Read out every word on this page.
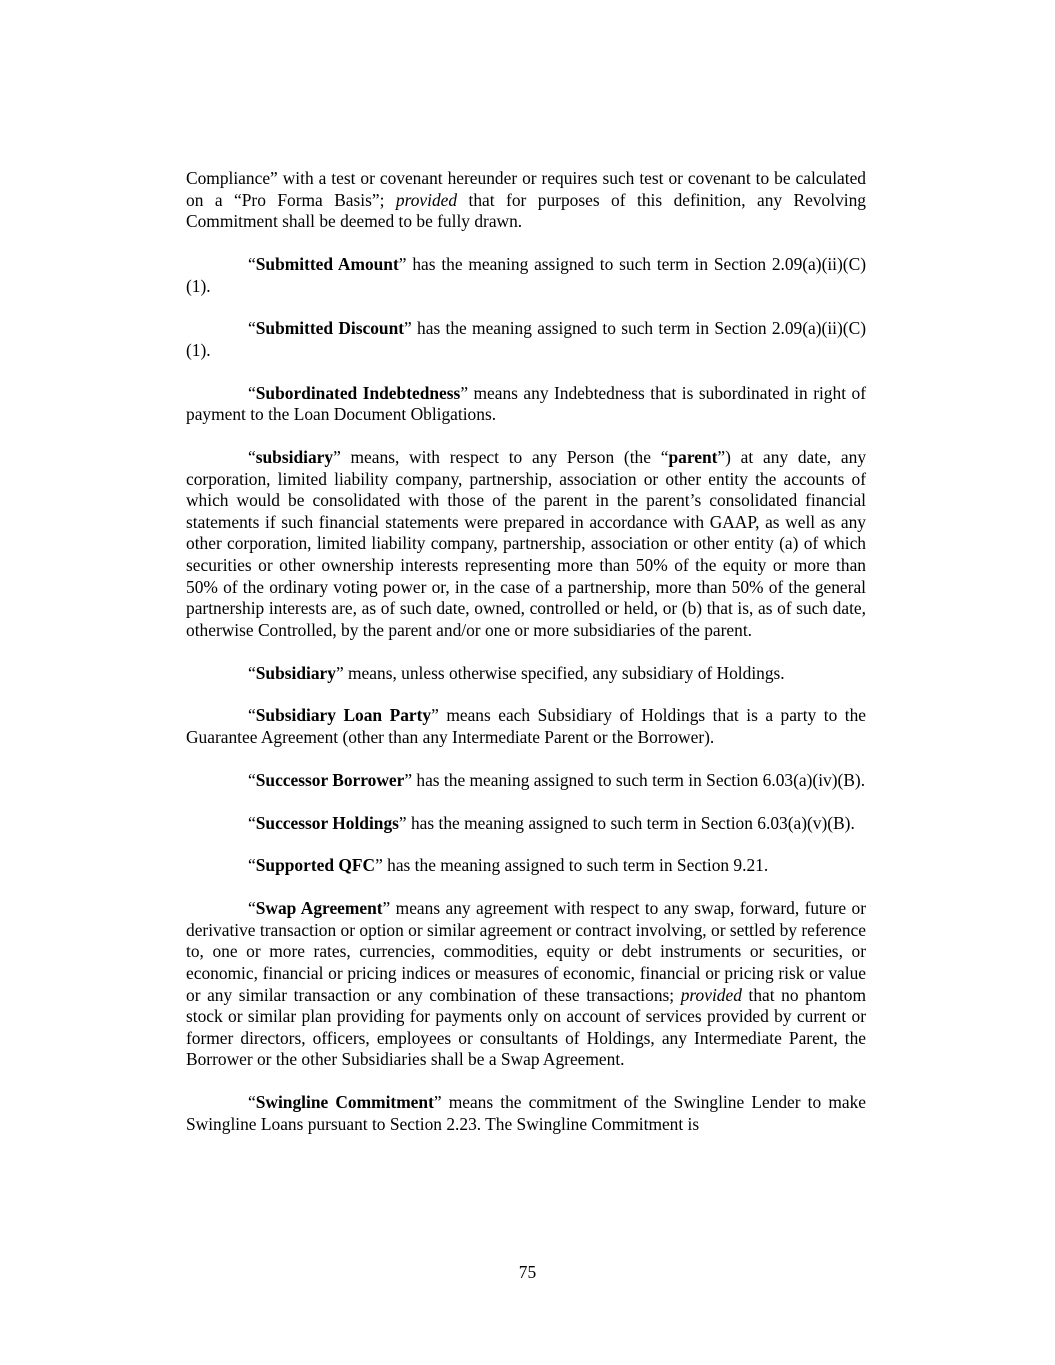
Compliance” with a test or covenant hereunder or requires such test or covenant to be calculated on a “Pro Forma Basis”; provided that for purposes of this definition, any Revolving Commitment shall be deemed to be fully drawn.

“Submitted Amount” has the meaning assigned to such term in Section 2.09(a)(ii)(C)(1).

“Submitted Discount” has the meaning assigned to such term in Section 2.09(a)(ii)(C)(1).

“Subordinated Indebtedness” means any Indebtedness that is subordinated in right of payment to the Loan Document Obligations.

“subsidiary” means, with respect to any Person (the “parent”) at any date, any corporation, limited liability company, partnership, association or other entity the accounts of which would be consolidated with those of the parent in the parent’s consolidated financial statements if such financial statements were prepared in accordance with GAAP, as well as any other corporation, limited liability company, partnership, association or other entity (a) of which securities or other ownership interests representing more than 50% of the equity or more than 50% of the ordinary voting power or, in the case of a partnership, more than 50% of the general partnership interests are, as of such date, owned, controlled or held, or (b) that is, as of such date, otherwise Controlled, by the parent and/or one or more subsidiaries of the parent.

“Subsidiary” means, unless otherwise specified, any subsidiary of Holdings.

“Subsidiary Loan Party” means each Subsidiary of Holdings that is a party to the Guarantee Agreement (other than any Intermediate Parent or the Borrower).

“Successor Borrower” has the meaning assigned to such term in Section 6.03(a)(iv)(B).

“Successor Holdings” has the meaning assigned to such term in Section 6.03(a)(v)(B).

“Supported QFC” has the meaning assigned to such term in Section 9.21.

“Swap Agreement” means any agreement with respect to any swap, forward, future or derivative transaction or option or similar agreement or contract involving, or settled by reference to, one or more rates, currencies, commodities, equity or debt instruments or securities, or economic, financial or pricing indices or measures of economic, financial or pricing risk or value or any similar transaction or any combination of these transactions; provided that no phantom stock or similar plan providing for payments only on account of services provided by current or former directors, officers, employees or consultants of Holdings, any Intermediate Parent, the Borrower or the other Subsidiaries shall be a Swap Agreement.

“Swingline Commitment” means the commitment of the Swingline Lender to make Swingline Loans pursuant to Section 2.23. The Swingline Commitment is

75
